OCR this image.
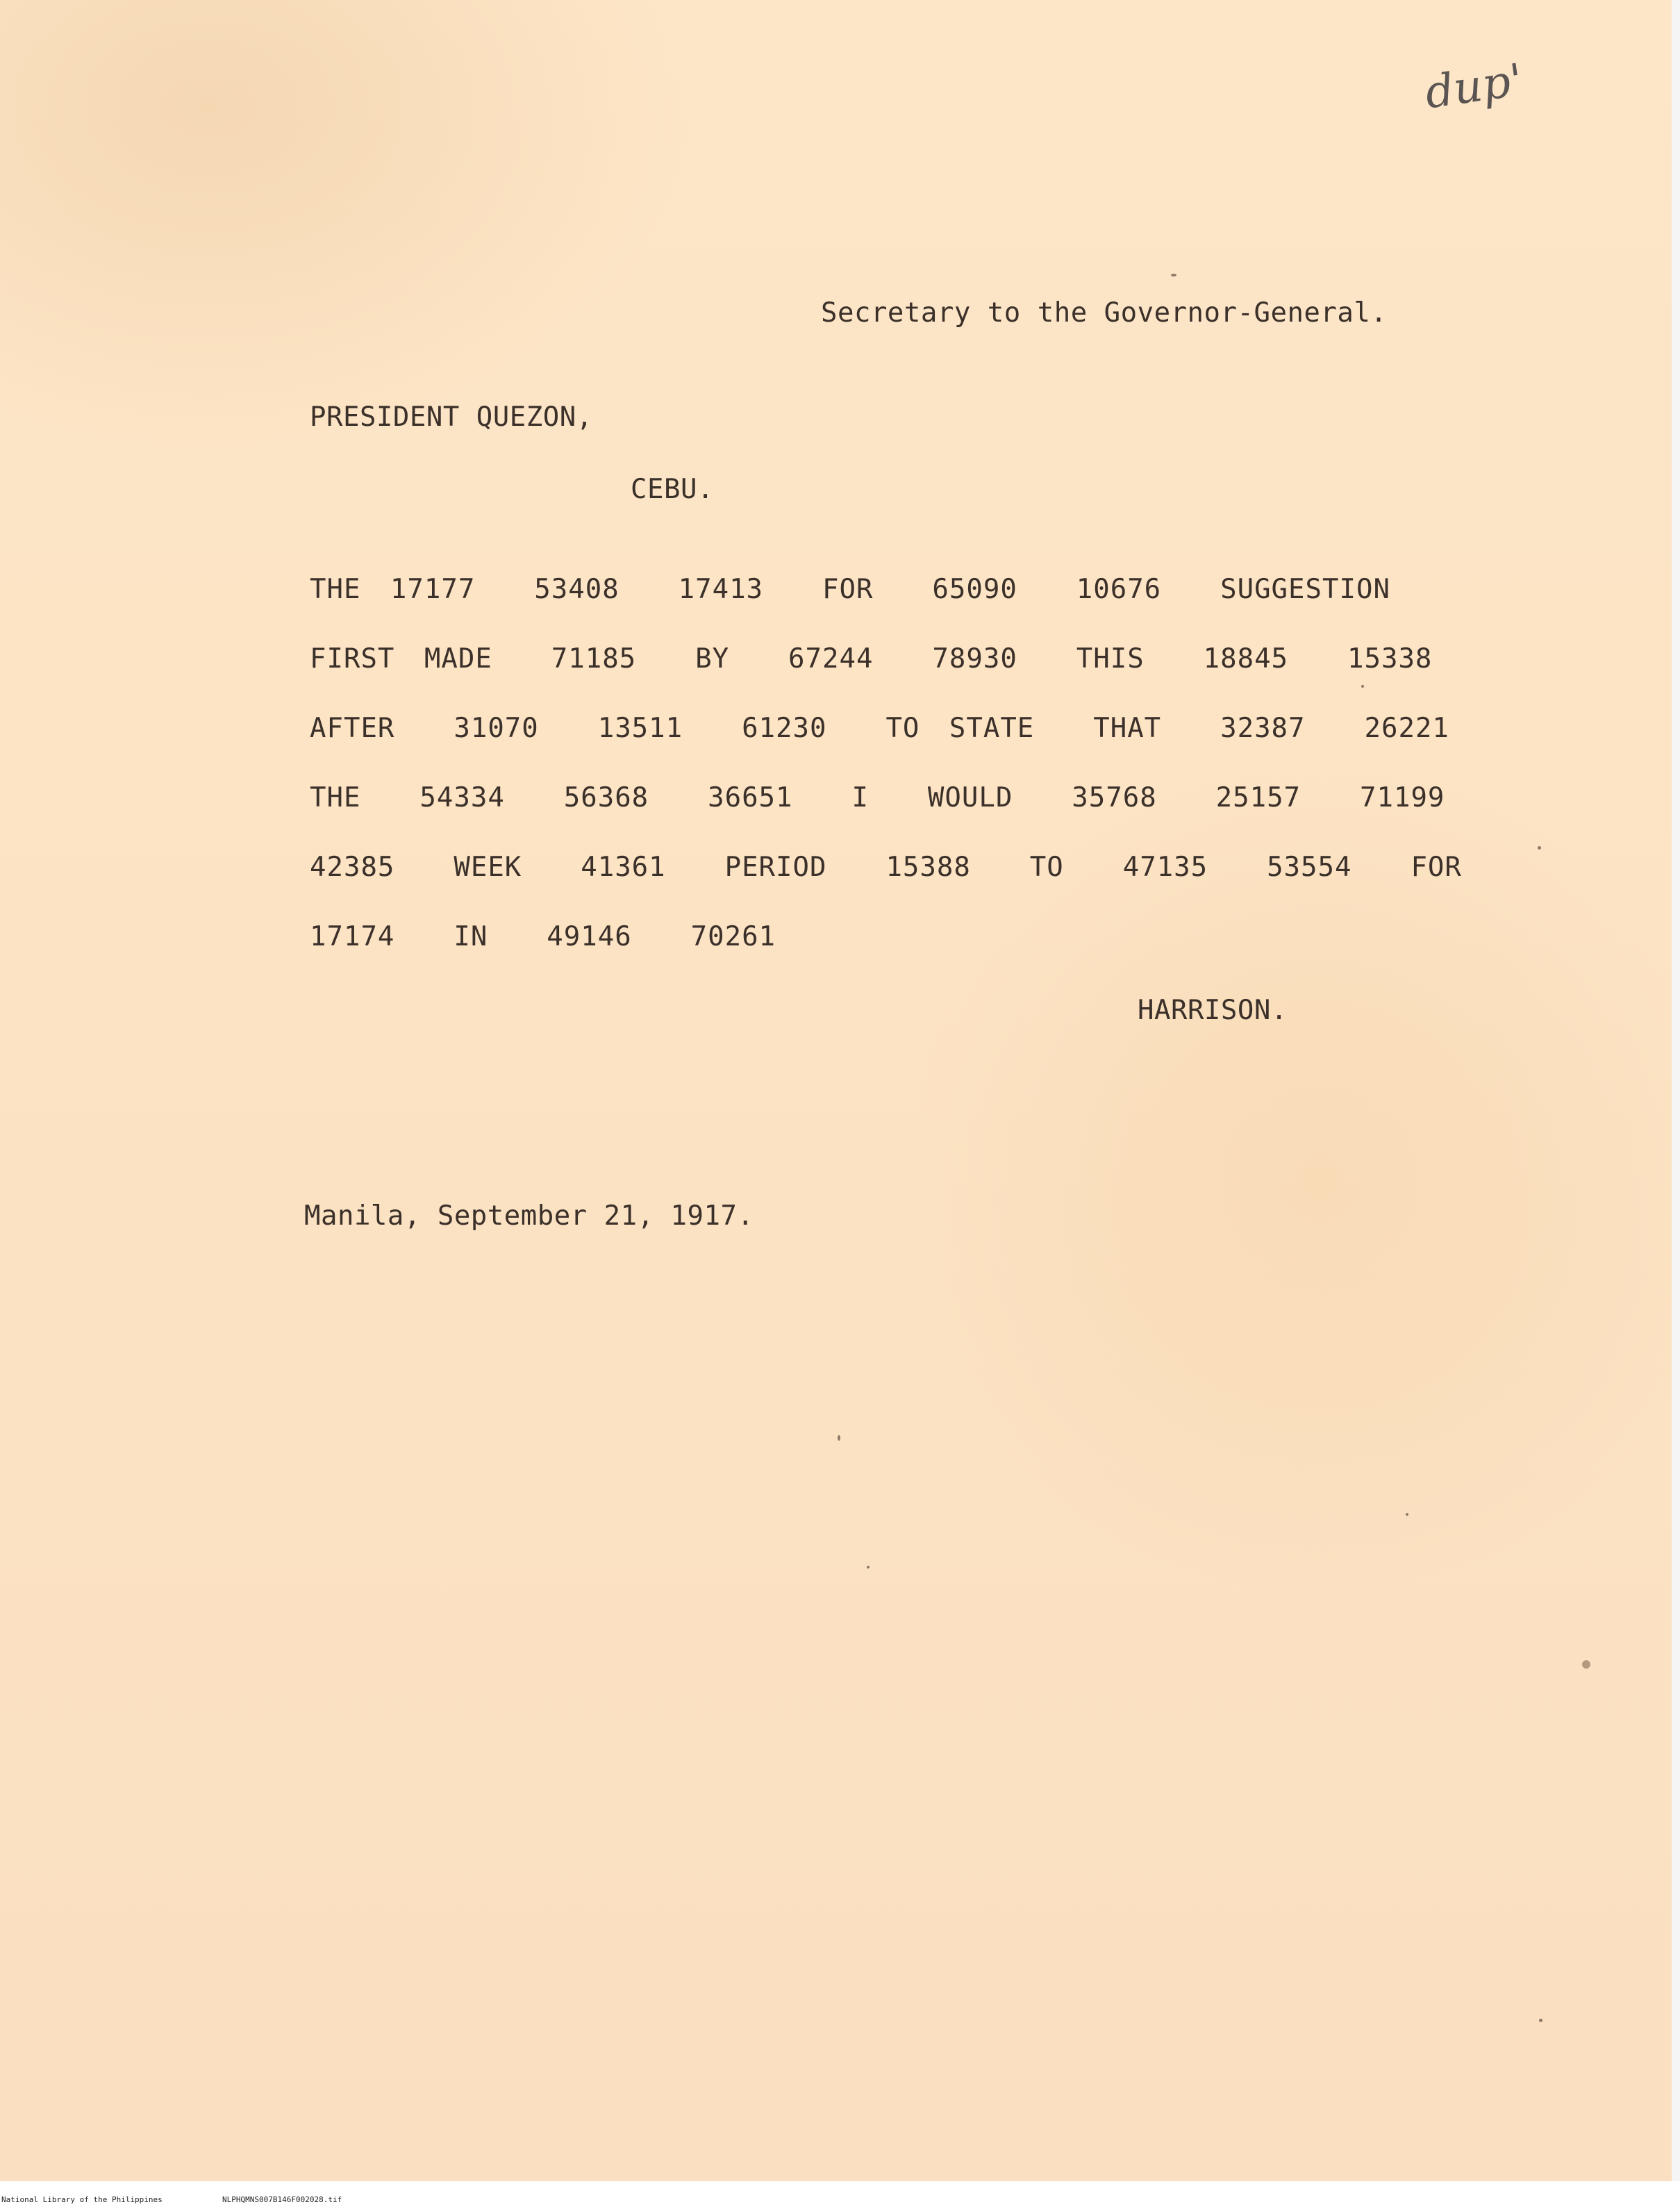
dup'
Secretary to the Governor-General.
PRESIDENT QUEZON,
CEBU.
THE 17177  53408  17413  FOR  65090  10676  SUGGESTION
FIRST MADE  71185  BY  67244  78930  THIS  18845  15338
AFTER  31070  13511  61230  TO STATE  THAT  32387  26221
THE  54334  56368  36651  I  WOULD  35768  25157  71199
42385  WEEK  41361  PERIOD  15388  TO  47135  53554  FOR
17174  IN  49146  70261
HARRISON.
Manila, September 21, 1917.
National Library of the Philippines	NLPHQMNS007B146F002028.tif
